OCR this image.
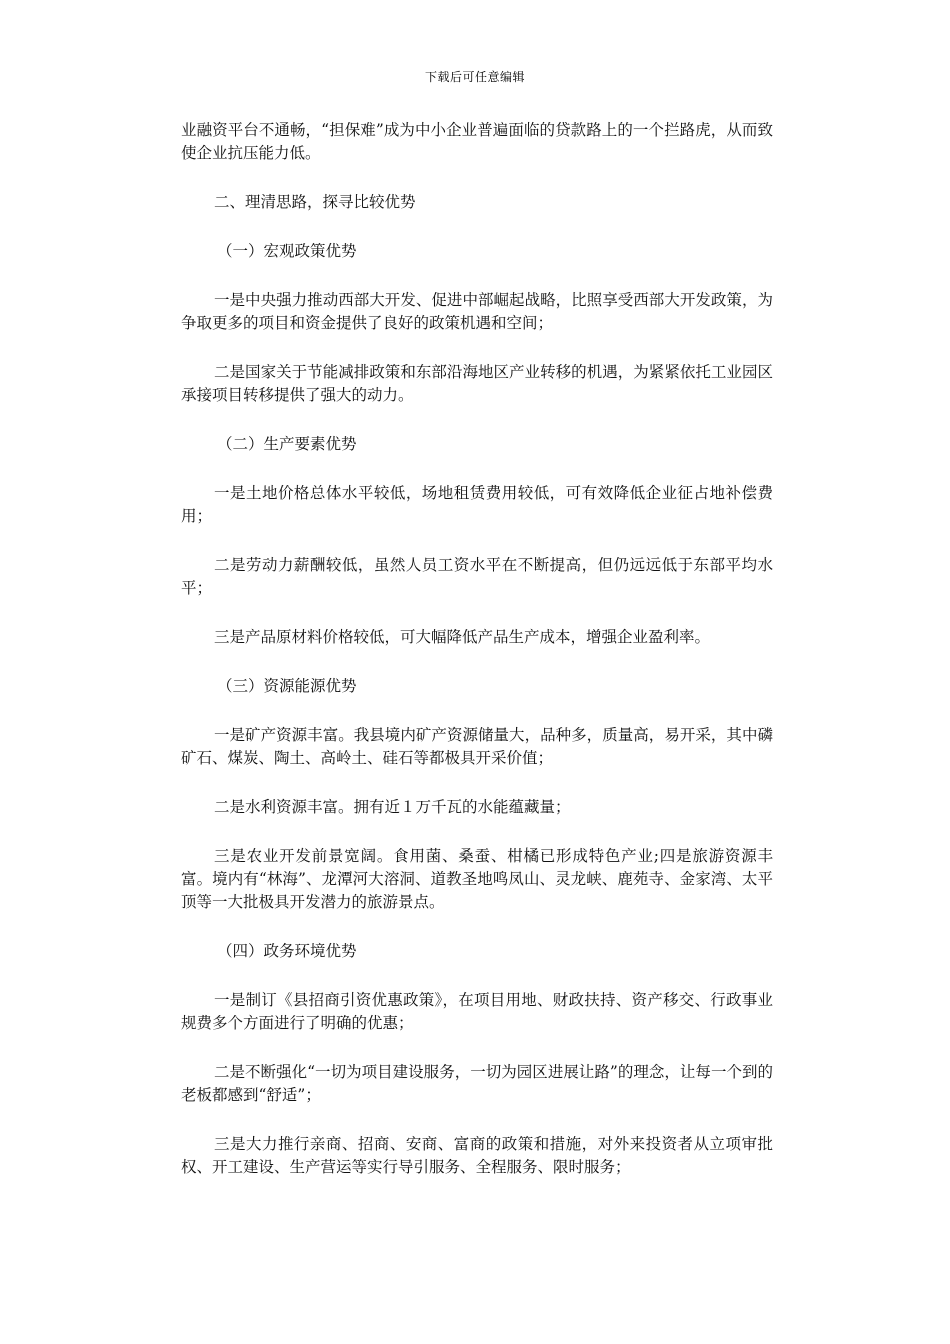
下载后可任意编辑

业融资平台不通畅，“担保难”成为中小企业普遍面临的贷款路上的一个拦路虎，从而致使企业抗压能力低。

二、理清思路，探寻比较优势

（一）宏观政策优势

一是中央强力推动西部大开发、促进中部崛起战略，比照享受西部大开发政策，为争取更多的项目和资金提供了良好的政策机遇和空间；

二是国家关于节能减排政策和东部沿海地区产业转移的机遇，为紧紧依托工业园区承接项目转移提供了强大的动力。

（二）生产要素优势

一是土地价格总体水平较低，场地租赁费用较低，可有效降低企业征占地补偿费用；

二是劳动力薪酬较低，虽然人员工资水平在不断提高，但仍远远低于东部平均水平；

三是产品原材料价格较低，可大幅降低产品生产成本，增强企业盈利率。

（三）资源能源优势

一是矿产资源丰富。我县境内矿产资源储量大，品种多，质量高，易开采，其中磷矿石、煤炭、陶土、高岭土、硅石等都极具开采价值；

二是水利资源丰富。拥有近１万千瓦的水能蕴藏量；

三是农业开发前景宽阔。食用菌、桑蚕、柑橘已形成特色产业;四是旅游资源丰富。境内有“林海”、龙潭河大溶洞、道教圣地鸣凤山、灵龙峡、鹿苑寺、金家湾、太平顶等一大批极具开发潜力的旅游景点。

（四）政务环境优势

一是制订《县招商引资优惠政策》，在项目用地、财政扶持、资产移交、行政事业规费多个方面进行了明确的优惠；

二是不断强化“一切为项目建设服务，一切为园区进展让路”的理念，让每一个到的老板都感到“舒适”；

三是大力推行亲商、招商、安商、富商的政策和措施，对外来投资者从立项审批权、开工建设、生产营运等实行导引服务、全程服务、限时服务；
